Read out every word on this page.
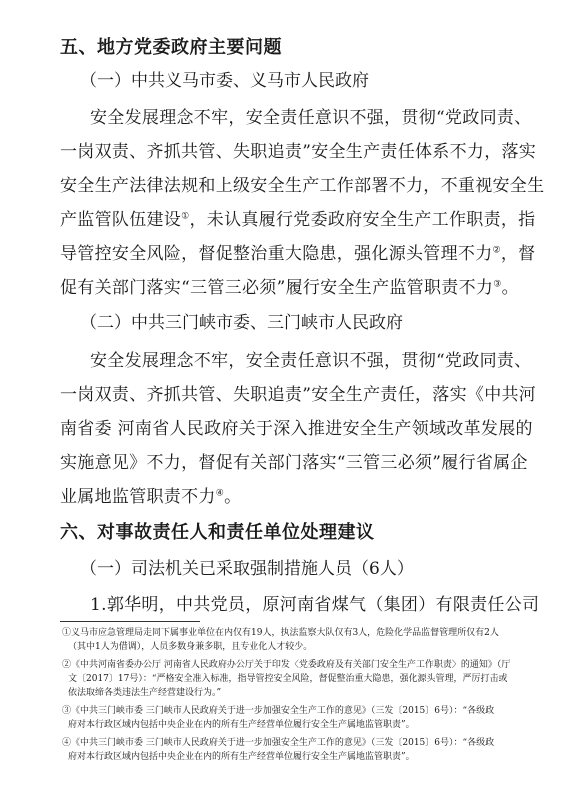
五、地方党委政府主要问题
（一）中共义马市委、义马市人民政府
安全发展理念不牢，安全责任意识不强，贯彻“党政同责、
一岗双责、齐抓共管、失职追责”安全生产责任体系不力，落实
安全生产法律法规和上级安全生产工作部署不力，不重视安全生
产监管队伍建设①，未认真履行党委政府安全生产工作职责，指
导管控安全风险，督促整治重大隐患，强化源头管理不力②，督
促有关部门落实“三管三必须”履行安全生产监管职责不力③。
（二）中共三门峡市委、三门峡市人民政府
安全发展理念不牢，安全责任意识不强，贯彻“党政同责、
一岗双责、齐抓共管、失职追责”安全生产责任，落实《中共河
南省委 河南省人民政府关于深入推进安全生产领域改革发展的
实施意见》不力，督促有关部门落实“三管三必须”履行省属企
业属地监管职责不力④。
六、对事故责任人和责任单位处理建议
（一）司法机关已采取强制措施人员（6人）
1.郭华明，中共党员，原河南省煤气（集团）有限责任公司
①义马市应急管理局走同下属事业单位在内仅有19人，执法监察大队仅有3人，危险化学品监督管理所仅有2人
（其中1人为借调），人员多数身兼多职，且专业化人才较少。
②《中共河南省委办公厅 河南省人民政府办公厅关于印发〈党委政府及有关部门安全生产工作职责〉的通知》（厅
文〔2017〕17号）：“严格安全准入标准，指导管控安全风险，督促整治重大隐患，强化源头管理，严厉打击或
依法取缔各类违法生产经营建设行为。”
③《中共三门峡市委 三门峡市人民政府关于进一步加强安全生产工作的意见》（三发〔2015〕6号）：“各级政
府对本行政区域内包括中央企业在内的所有生产经营单位履行安全生产属地监管职责”。
④《中共三门峡市委 三门峡市人民政府关于进一步加强安全生产工作的意见》（三发〔2015〕6号）：“各级政
府对本行政区域内包括中央企业在内的所有生产经营单位履行安全生产属地监管职责”。
